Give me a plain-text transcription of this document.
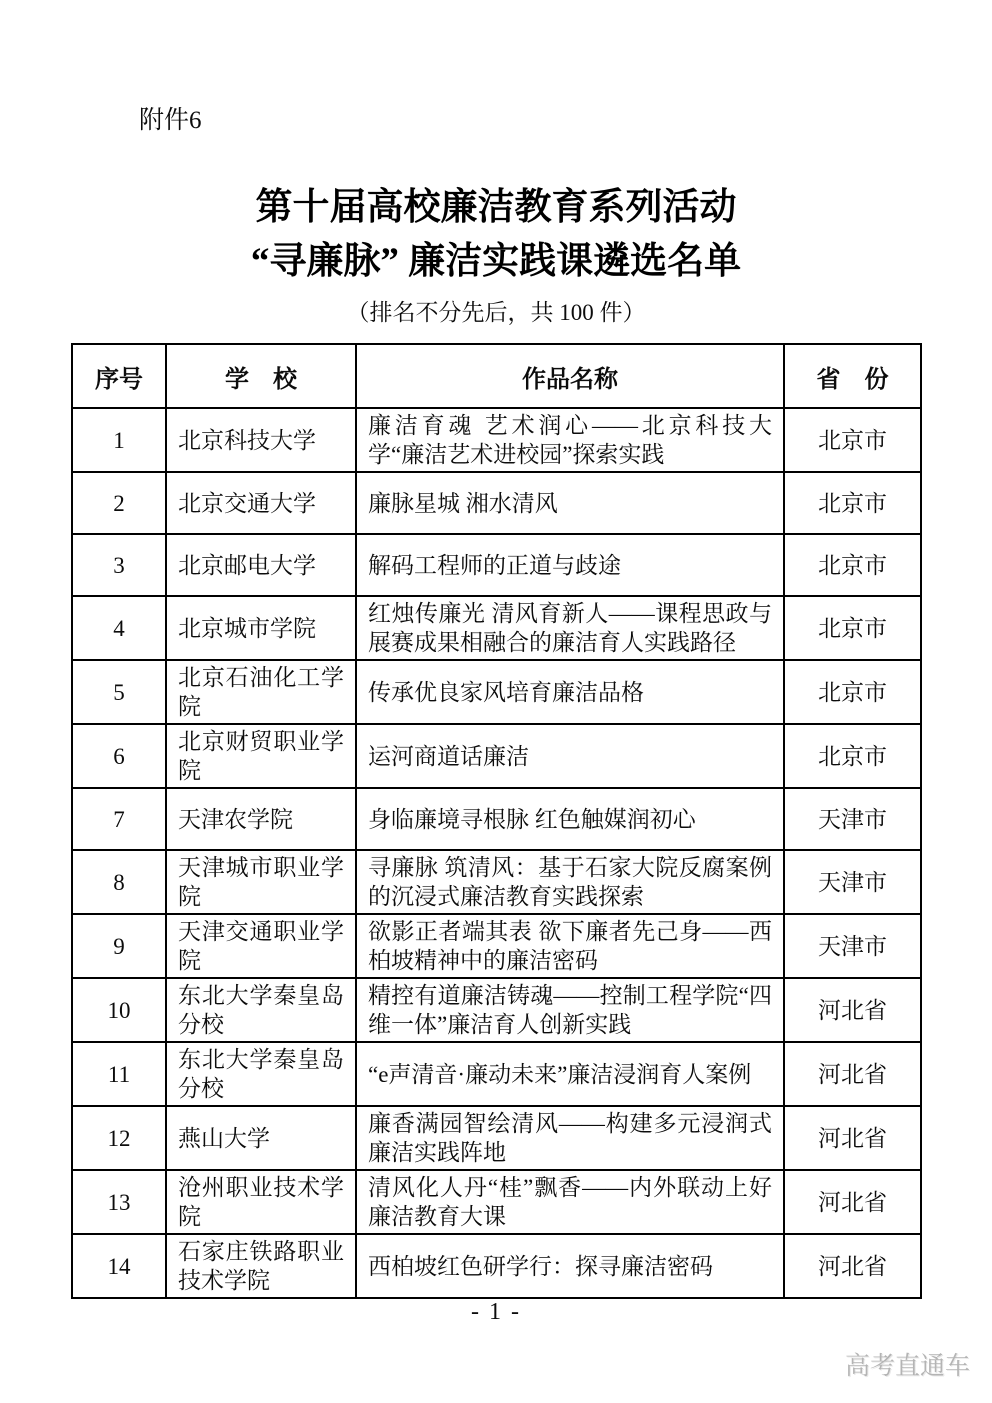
附件6
第十届高校廉洁教育系列活动
“寻廉脉” 廉洁实践课遴选名单
（排名不分先后，共 100 件）
序号	学　校	作品名称	省　份
1	北京科技大学	廉洁育魂 艺术润心——北京科技大学“廉洁艺术进校园”探索实践	北京市
2	北京交通大学	廉脉星城 湘水清风	北京市
3	北京邮电大学	解码工程师的正道与歧途	北京市
4	北京城市学院	红烛传廉光 清风育新人——课程思政与展赛成果相融合的廉洁育人实践路径	北京市
5	北京石油化工学院	传承优良家风培育廉洁品格	北京市
6	北京财贸职业学院	运河商道话廉洁	北京市
7	天津农学院	身临廉境寻根脉 红色触媒润初心	天津市
8	天津城市职业学院	寻廉脉 筑清风：基于石家大院反腐案例的沉浸式廉洁教育实践探索	天津市
9	天津交通职业学院	欲影正者端其表 欲下廉者先己身——西柏坡精神中的廉洁密码	天津市
10	东北大学秦皇岛分校	精控有道廉洁铸魂——控制工程学院“四维一体”廉洁育人创新实践	河北省
11	东北大学秦皇岛分校	“e声清音·廉动未来”廉洁浸润育人案例	河北省
12	燕山大学	廉香满园智绘清风——构建多元浸润式廉洁实践阵地	河北省
13	沧州职业技术学院	清风化人丹“桂”飘香——内外联动上好廉洁教育大课	河北省
14	石家庄铁路职业技术学院	西柏坡红色研学行：探寻廉洁密码	河北省
- 1 -
高考直通车
